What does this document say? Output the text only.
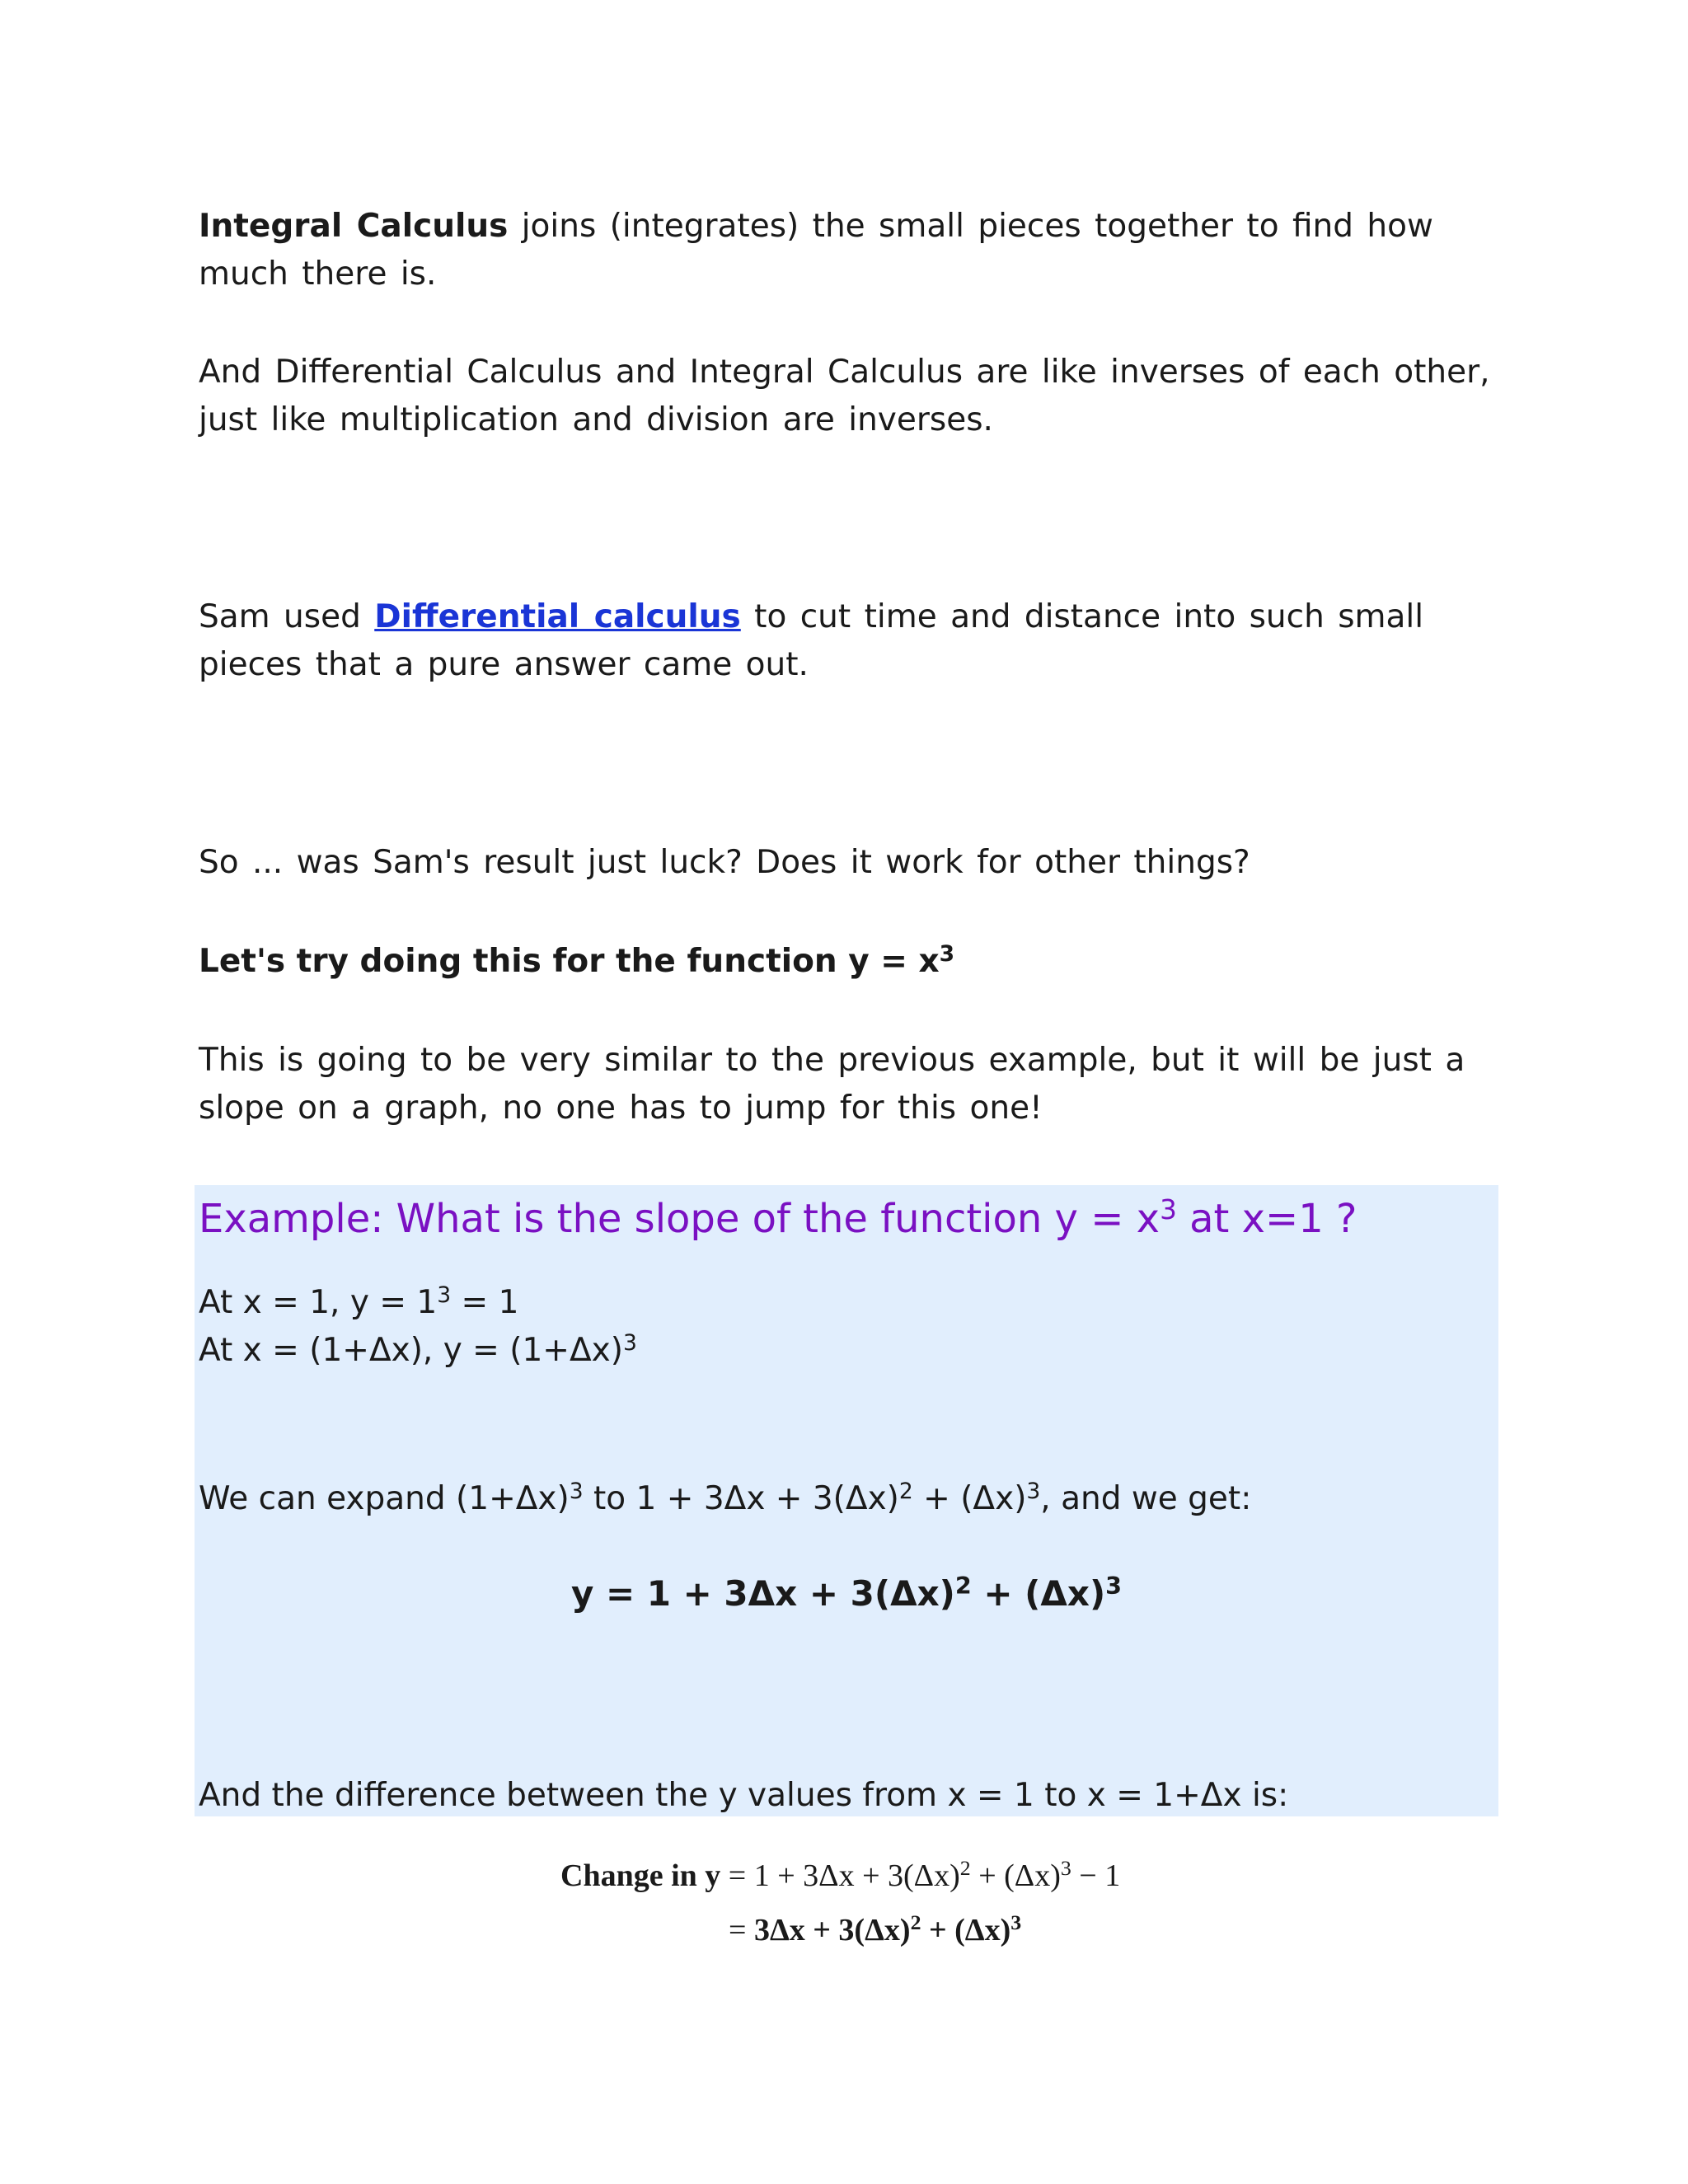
Integral Calculus joins (integrates) the small pieces together to find how much there is.

And Differential Calculus and Integral Calculus are like inverses of each other, just like multiplication and division are inverses.

Sam used Differential calculus to cut time and distance into such small pieces that a pure answer came out.

So ... was Sam's result just luck? Does it work for other things?

Let's try doing this for the function $y = x^3$

This is going to be very similar to the previous example, but it will be just a slope on a graph, no one has to jump for this one!

Example: What is the slope of the function $y = x^3$ at x=1 ?

At x = 1, $y = 1^3 = 1$

At x = (1+Δx), $y = (1+\Delta x)^3$

We can expand $(1+\Delta x)^3$ to $1 + 3\Delta x + 3(\Delta x)^2 + (\Delta x)^3$, and we get:

$y = 1 + 3\Delta x + 3(\Delta x)^2 + (\Delta x)^3$

And the difference between the y values from x = 1 to x = 1+Δx is:

Change in $y = 1 + 3\Delta x + 3(\Delta x)^2 + (\Delta x)^3 - 1$

= $3\Delta x + 3(\Delta x)^2 + (\Delta x)^3$
